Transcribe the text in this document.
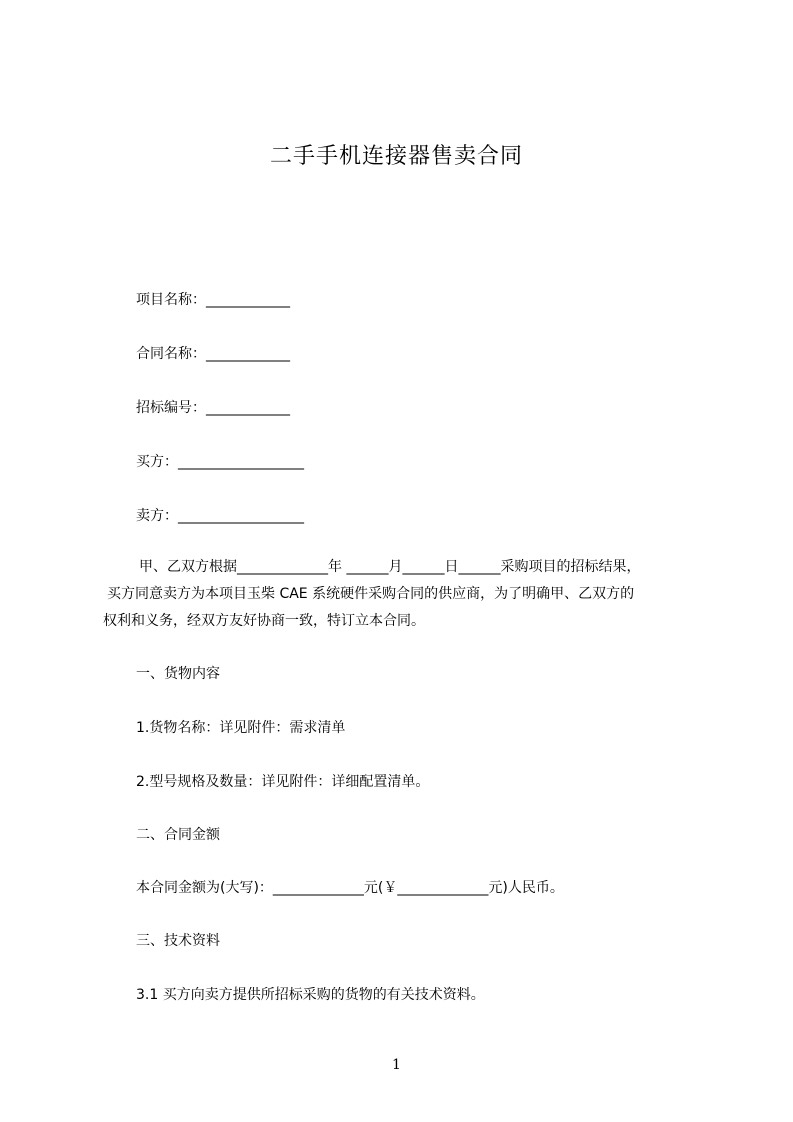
二手手机连接器售卖合同
项目名称：____________
合同名称：____________
招标编号：____________
买方：__________________
卖方：__________________
甲、乙双方根据_____________年 ______月______日______采购项目的招标结果，
买方同意卖方为本项目玉柴 CAE 系统硬件采购合同的供应商，为了明确甲、乙双方的
权利和义务，经双方友好协商一致，特订立本合同。
一、货物内容
1.货物名称：详见附件：需求清单
2.型号规格及数量：详见附件：详细配置清单。
二、合同金额
本合同金额为(大写)：_____________元(￥_____________元)人民币。
三、技术资料
3.1 买方向卖方提供所招标采购的货物的有关技术资料。
1
